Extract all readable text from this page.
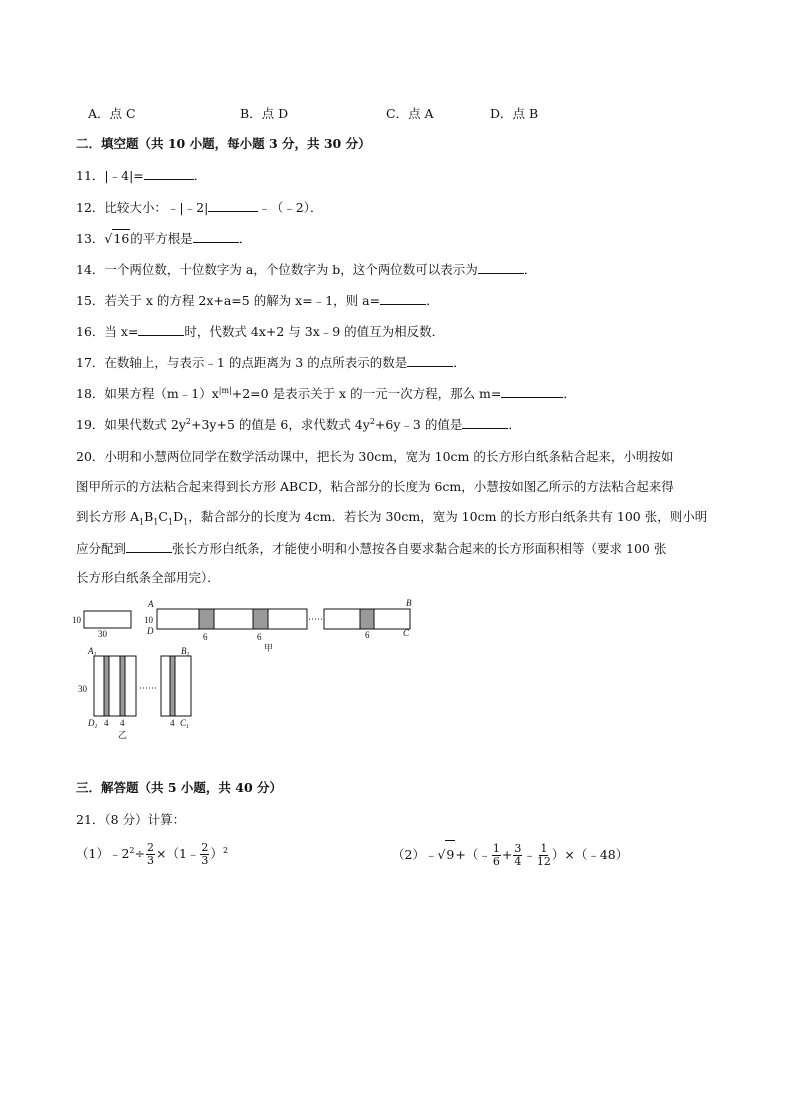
A．点 C	B．点 D	C．点 A	D．点 B
二．填空题（共 10 小题，每小题 3 分，共 30 分）
11．|﹣4|=	．
12．比较大小：﹣|﹣2|	﹣（﹣2）．
13．√16的平方根是	．
14．一个两位数，十位数字为 a，个位数字为 b，这个两位数可以表示为	．
15．若关于 x 的方程 2x+a=5 的解为 x=﹣1，则 a=	．
16．当 x=	时，代数式 4x+2 与 3x﹣9 的值互为相反数．
17．在数轴上，与表示﹣1 的点距离为 3 的点所表示的数是	．
18．如果方程$(m﹣1)x^{|m|}+2=0$ 是表示关于 x 的一元一次方程，那么 m=	．
19．如果代数式 $2y^2+3y+5$ 的值是 6，求代数式 $4y^2+6y﹣3$ 的值是	．
20．小明和小慧两位同学在数学活动课中，把长为 30cm，宽为 10cm 的长方形白纸条粘合起来，小明按如
图甲所示的方法粘合起来得到长方形 ABCD，粘合部分的长度为 6cm，小慧按如图乙所示的方法粘合起来得
到长方形 $A_1B_1C_1D_1$，黏合部分的长度为 4cm．若长为 30cm，宽为 10cm 的长方形白纸条共有 100 张，则小明
应分配到	张长方形白纸条，才能使小明和小慧按各自要求黏合起来的长方形面积相等（要求 100 张
长方形白纸条全部用完）．
10
30
A
D
10
B
C
6	6	6
甲
$A_1$	$B_1$
$D_1$	$C_1$
30
4 4	4
乙
三．解答题（共 5 小题，共 40 分）
21．（8 分）计算：
$(1)﹣2^2\div \frac{2}{3}$ ×（1﹣ $\frac{2}{3} )^2$	（2）﹣√9+（﹣ $\frac{1}{6} + \frac{3}{4}$ ﹣ $\frac{1}{12}$ ）×（﹣48）
